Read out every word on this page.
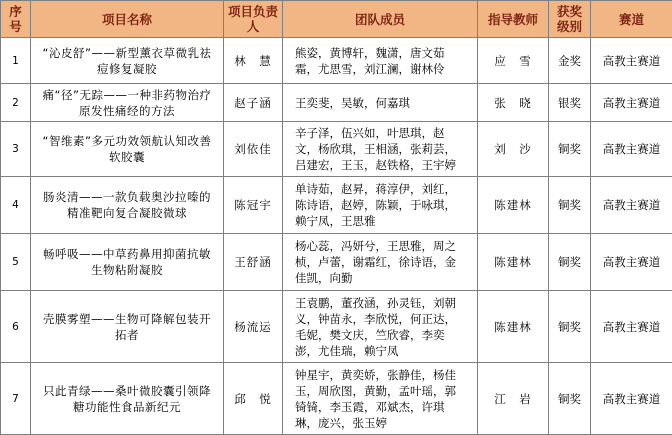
序号	项目名称	项目负责人	团队成员	指导教师	获奖级别	赛道
1	“沁皮舒”——新型薰衣草微乳祛痘修复凝胶	林　慧	熊姿，黄博轩，魏潇，唐文茹霜，尤思雪，刘江澜，谢林伶	应　雪	金奖	高教主赛道
2	痛“径”无踪——一种非药物治疗原发性痛经的方法	赵子涵	王奕斐，吴敏，何嘉琪	张　晓	银奖	高教主赛道
3	“智维素”多元功效领航认知改善软胶囊	刘依佳	辛子泽，伍兴如，叶思琪，赵文，杨欣琪，王相涵，张莉芸，吕建宏，王玉，赵铁格，王宇婷	刘　沙	铜奖	高教主赛道
4	肠炎清——一款负载奥沙拉嗪的精准靶向复合凝胶微球	陈冠宇	单诗茹，赵昇，蒋淳伊，刘红，陈诗语，赵婷，陈颖，于咏琪，赖宁凤，王思雅	陈建林	铜奖	高教主赛道
5	畅呼吸——中草药鼻用抑菌抗敏生物粘附凝胶	王舒涵	杨心蕊，冯妍兮，王思雅，周之桢，卢蕾，谢霜红，徐诗语，金佳凯，向勤	陈建林	铜奖	高教主赛道
6	壳膜雾塑——生物可降解包装开拓者	杨流运	王袁鹏，董孜涵，孙灵钰，刘朝义，钟苗永，李欣悦，何正达，毛妮，樊文庆，竺欣睿，李奕澎，尤佳瑞，赖宁凤	陈建林	铜奖	高教主赛道
7	只此青绿——桑叶微胶囊引领降糖功能性食品新纪元	邱　悦	钟星宇，黄奕娇，张静佳，杨佳玉，周欣图，黄勤，孟叶瑶，郭锜锜，李玉霞，邓斌杰，许琪琳，庞兴，张玉婷	江　岩	铜奖	高教主赛道
